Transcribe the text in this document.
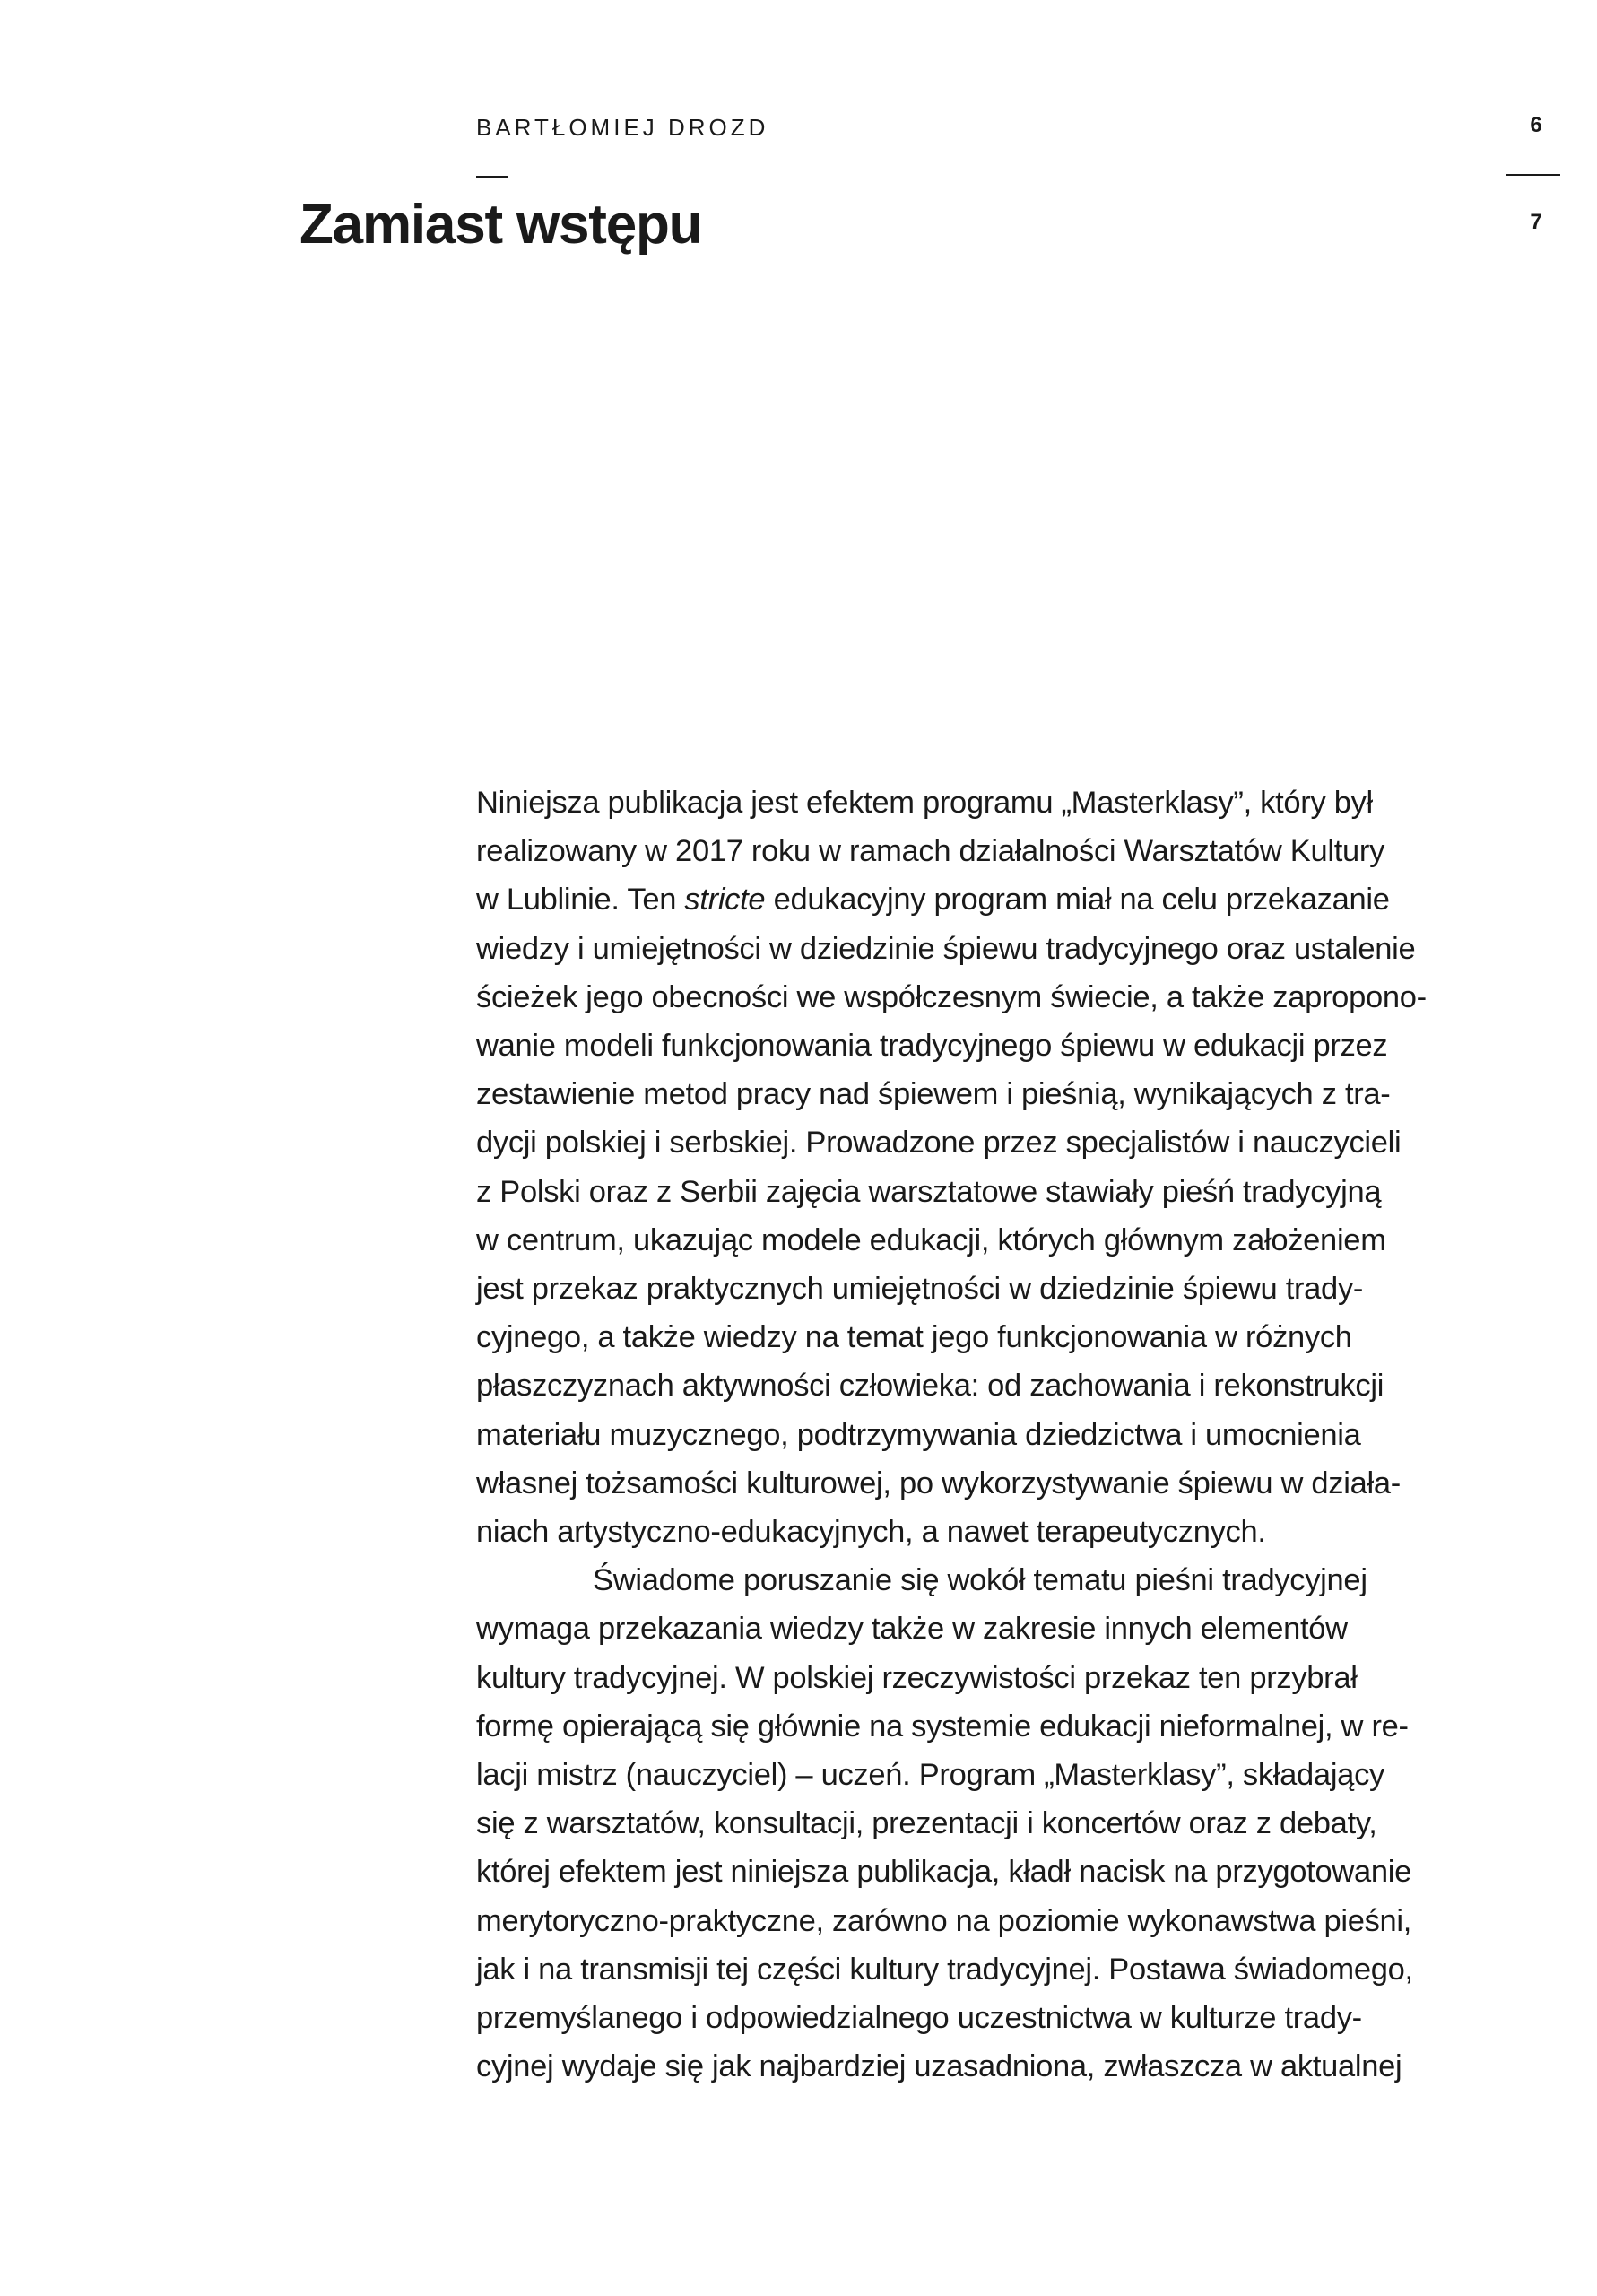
BARTŁOMIEJ DROZD
Zamiast wstępu
6
7

Niniejsza publikacja jest efektem programu „Masterklasy”, który był
realizowany w 2017 roku w ramach działalności Warsztatów Kultury
w Lublinie. Ten stricte edukacyjny program miał na celu przekazanie
wiedzy i umiejętności w dziedzinie śpiewu tradycyjnego oraz ustalenie
ścieżek jego obecności we współczesnym świecie, a także zapropono-
wanie modeli funkcjonowania tradycyjnego śpiewu w edukacji przez
zestawienie metod pracy nad śpiewem i pieśnią, wynikających z tra-
dycji polskiej i serbskiej. Prowadzone przez specjalistów i nauczycieli
z Polski oraz z Serbii zajęcia warsztatowe stawiały pieśń tradycyjną
w centrum, ukazując modele edukacji, których głównym założeniem
jest przekaz praktycznych umiejętności w dziedzinie śpiewu trady-
cyjnego, a także wiedzy na temat jego funkcjonowania w różnych
płaszczyznach aktywności człowieka: od zachowania i rekonstrukcji
materiału muzycznego, podtrzymywania dziedzictwa i umocnienia
własnej tożsamości kulturowej, po wykorzystywanie śpiewu w działa-
niach artystyczno-edukacyjnych, a nawet terapeutycznych.

Świadome poruszanie się wokół tematu pieśni tradycyjnej
wymaga przekazania wiedzy także w zakresie innych elementów
kultury tradycyjnej. W polskiej rzeczywistości przekaz ten przybrał
formę opierającą się głównie na systemie edukacji nieformalnej, w re-
lacji mistrz (nauczyciel) – uczeń. Program „Masterklasy”, składający
się z warsztatów, konsultacji, prezentacji i koncertów oraz z debaty,
której efektem jest niniejsza publikacja, kładł nacisk na przygotowanie
merytoryczno-praktyczne, zarówno na poziomie wykonawstwa pieśni,
jak i na transmisji tej części kultury tradycyjnej. Postawa świadomego,
przemyślanego i odpowiedzialnego uczestnictwa w kulturze trady-
cyjnej wydaje się jak najbardziej uzasadniona, zwłaszcza w aktualnej
